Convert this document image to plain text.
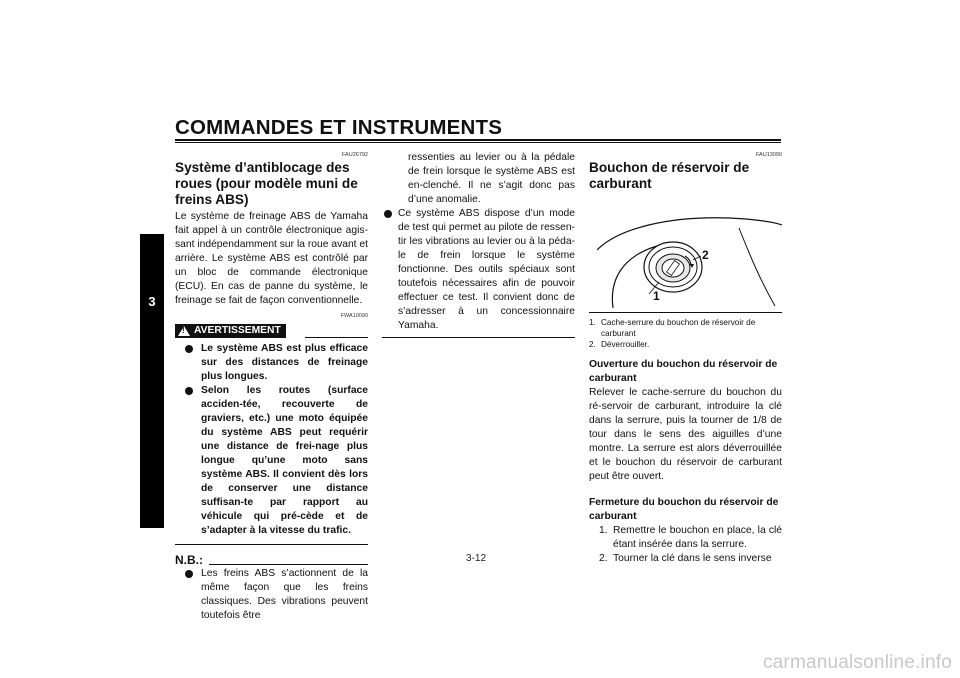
COMMANDES ET INSTRUMENTS
3
FAU26792
Système d’antiblocage des roues (pour modèle muni de freins ABS)

Le système de freinage ABS de Yamaha fait appel à un contrôle électronique agis-sant indépendamment sur la roue avant et arrière. Le système ABS est contrôlé par un bloc de commande électronique (ECU). En cas de panne du système, le freinage se fait de façon conventionnelle.

FWA10090
!
AVERTISSEMENT
Le système ABS est plus efficace sur des distances de freinage plus longues.
Selon les routes (surface acciden-tée, recouverte de graviers, etc.) une moto équipée du système ABS peut requérir une distance de frei-nage plus longue qu’une moto sans système ABS. Il convient dès lors de conserver une distance suffisan-te par rapport au véhicule qui pré-cède et de s’adapter à la vitesse du trafic.
N.B.:
Les freins ABS s’actionnent de la même façon que les freins classiques. Des vibrations peuvent toutefois être
ressenties au levier ou à la pédale de frein lorsque le système ABS est en-clenché. Il ne s’agit donc pas d’une anomalie.
Ce système ABS dispose d’un mode de test qui permet au pilote de ressen-tir les vibrations au levier ou à la péda-le de frein lorsque le système fonctionne. Des outils spéciaux sont toutefois nécessaires afin de pouvoir effectuer ce test. Il convient donc de s’adresser à un concessionnaire Yamaha.
FAU13090
Bouchon de réservoir de carburant
1
2
1. Cache-serrure du bouchon de réservoir de carburant
2. Déverrouiller.

Ouverture du bouchon du réservoir de carburant

Relever le cache-serrure du bouchon du ré-servoir de carburant, introduire la clé dans la serrure, puis la tourner de 1/8 de tour dans le sens des aiguilles d’une montre. La serrure est alors déverrouillée et le bouchon du réservoir de carburant peut être ouvert.

Fermeture du bouchon du réservoir de carburant

1. Remettre le bouchon en place, la clé étant insérée dans la serrure.
2. Tourner la clé dans le sens inverse
3-12
carmanualsonline.info
